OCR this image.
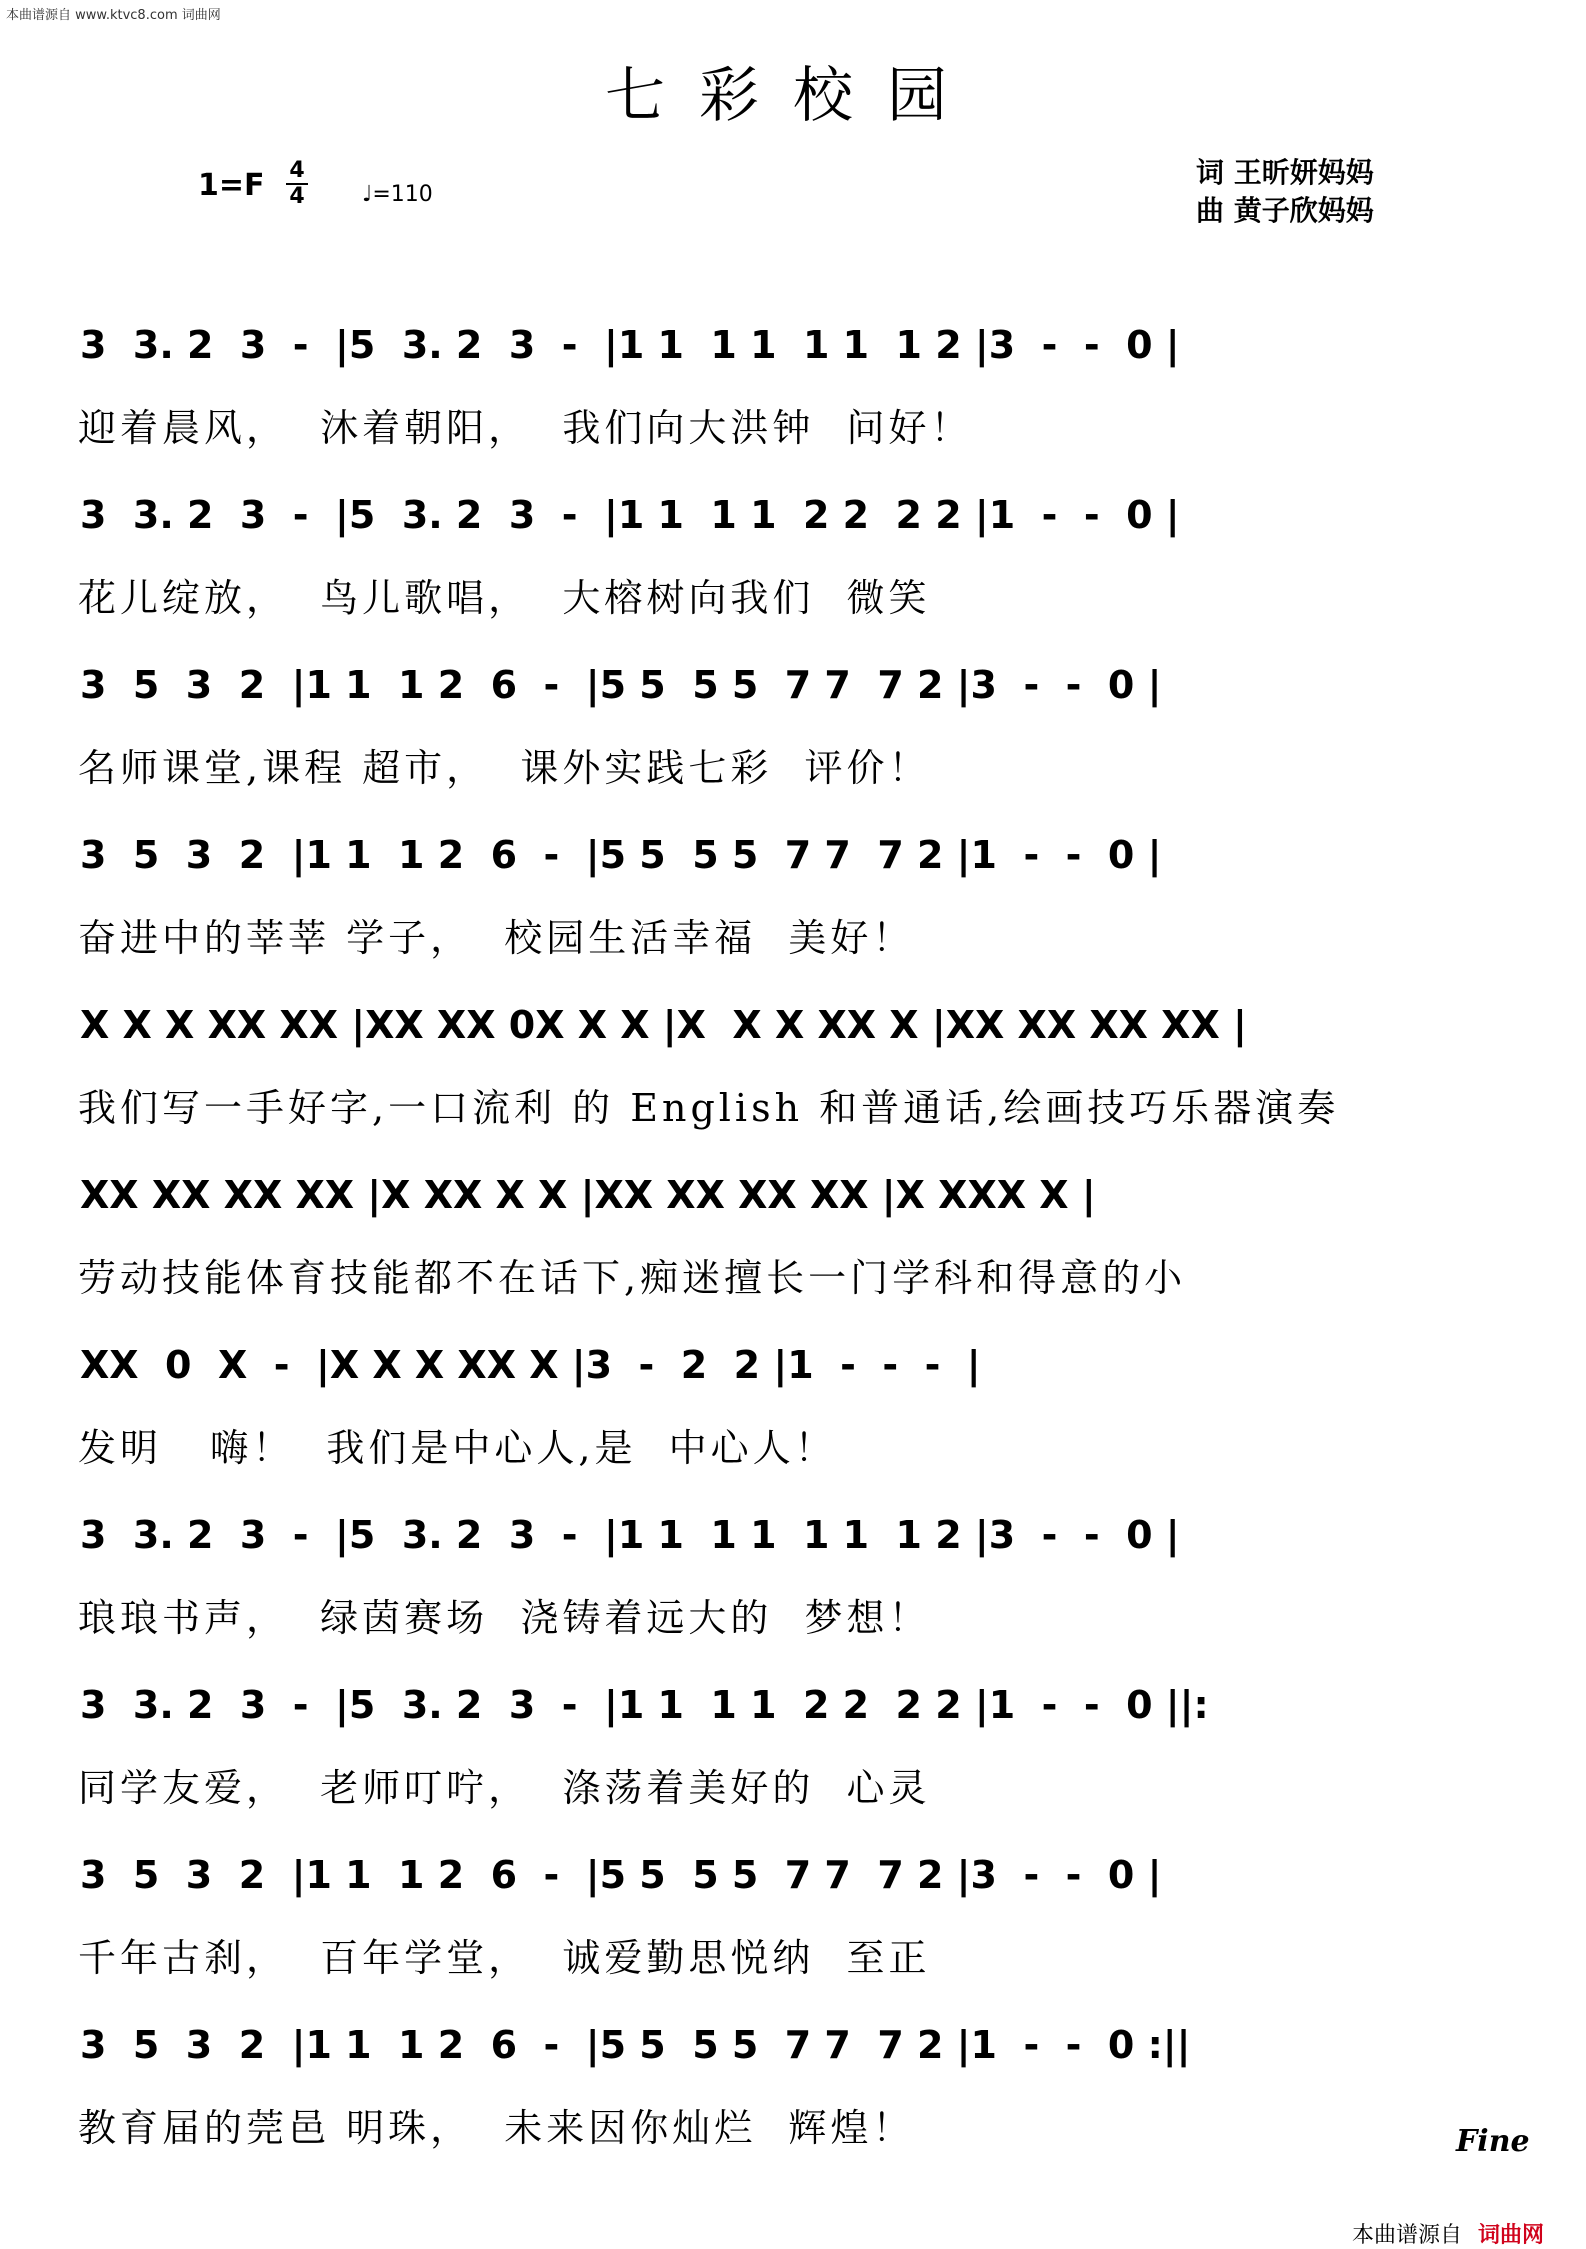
本曲谱源自 www.ktvc8.com 词曲网
七彩校园
1=F 4
4	♩=110
词 王昕妍妈妈
曲 黄子欣妈妈
3  3. 2  3  -  |5  3. 2  3  -  |1 1  1 1  1 1  1 2 |3  -  -  0 |
迎着晨风，  沐着朝阳，  我们向大洪钟  问好！
3  3. 2  3  -  |5  3. 2  3  -  |1 1  1 1  2 2  2 2 |1  -  -  0 |
花儿绽放，  鸟儿歌唱，  大榕树向我们  微笑
3  5  3  2  |1 1  1 2  6  -  |5 5  5 5  7 7  7 2 |3  -  -  0 |
名师课堂,课程 超市，  课外实践七彩  评价！
3  5  3  2  |1 1  1 2  6  -  |5 5  5 5  7 7  7 2 |1  -  -  0 |
奋进中的莘莘 学子，  校园生活幸福  美好！
X X X XX XX |XX XX 0X X X |X  X X XX X |XX XX XX XX |
我们写一手好字,一口流利 的 English 和普通话,绘画技巧乐器演奏
XX XX XX XX |X XX X X |XX XX XX XX |X XXX X |
劳动技能体育技能都不在话下,痴迷擅长一门学科和得意的小
XX  0  X  -  |X X X XX X |3  -  2  2 |1  -  -  -  |
发明   嗨！  我们是中心人,是  中心人！
3  3. 2  3  -  |5  3. 2  3  -  |1 1  1 1  1 1  1 2 |3  -  -  0 |
琅琅书声，  绿茵赛场  浇铸着远大的  梦想！
3  3. 2  3  -  |5  3. 2  3  -  |1 1  1 1  2 2  2 2 |1  -  -  0 ||:
同学友爱，  老师叮咛，  涤荡着美好的  心灵
3  5  3  2  |1 1  1 2  6  -  |5 5  5 5  7 7  7 2 |3  -  -  0 |
千年古刹，  百年学堂，  诚爱勤思悦纳  至正
3  5  3  2  |1 1  1 2  6  -  |5 5  5 5  7 7  7 2 |1  -  -  0 :||
教育届的莞邑 明珠，  未来因你灿烂  辉煌！	Fine
本曲谱源自 词曲网
